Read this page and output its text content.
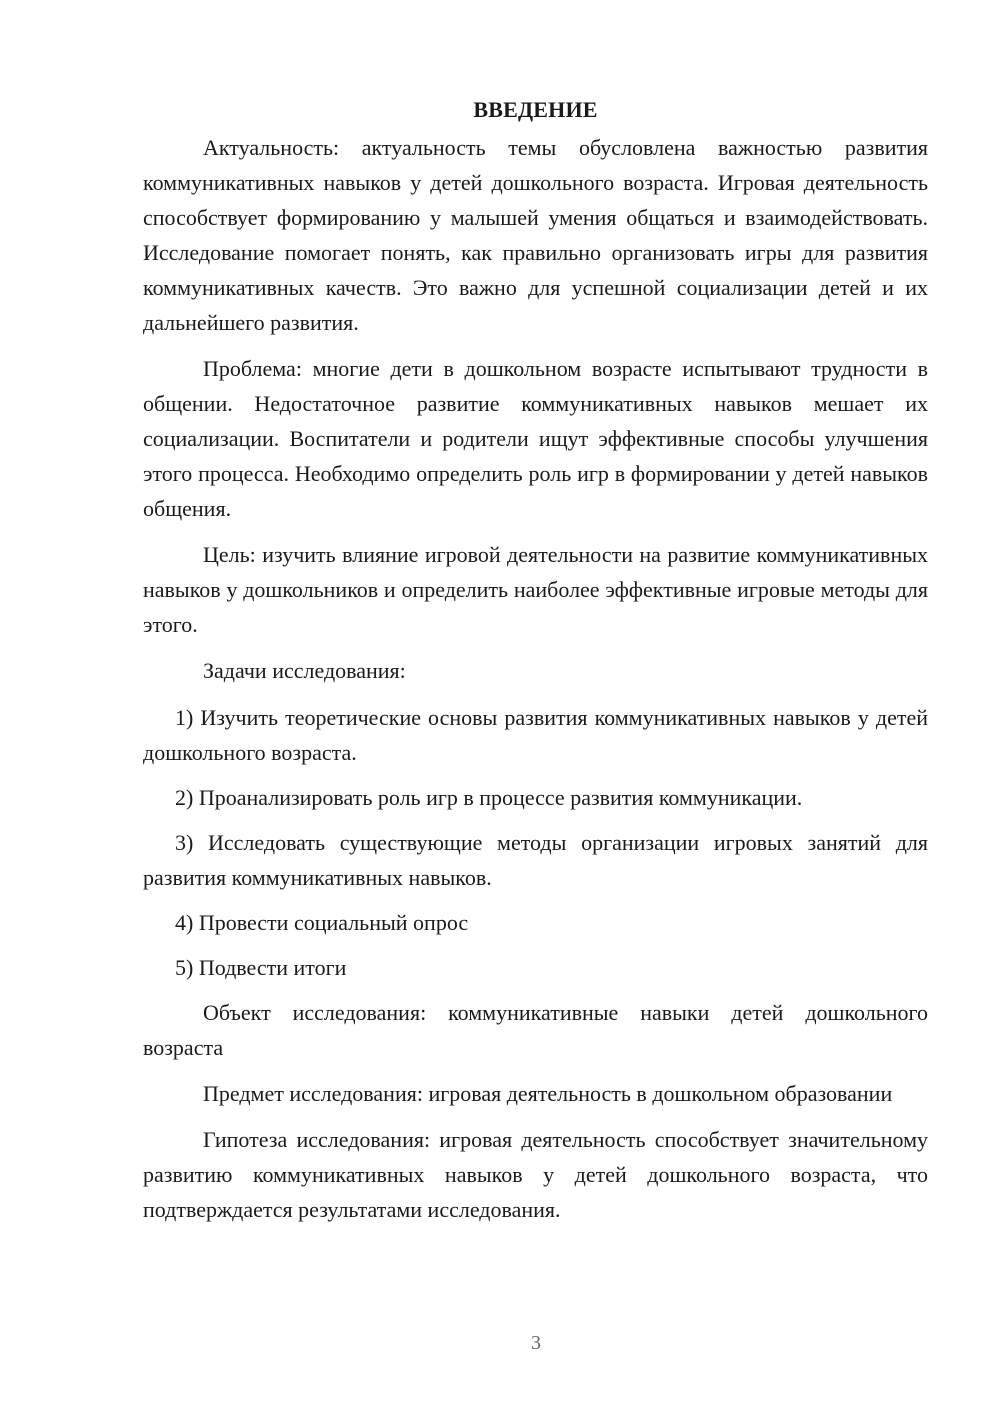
ВВЕДЕНИЕ

Актуальность: актуальность темы обусловлена важностью развития коммуникативных навыков у детей дошкольного возраста. Игровая деятельность способствует формированию у малышей умения общаться и взаимодействовать. Исследование помогает понять, как правильно организовать игры для развития коммуникативных качеств. Это важно для успешной социализации детей и их дальнейшего развития.

Проблема: многие дети в дошкольном возрасте испытывают трудности в общении. Недостаточное развитие коммуникативных навыков мешает их социализации. Воспитатели и родители ищут эффективные способы улучшения этого процесса. Необходимо определить роль игр в формировании у детей навыков общения.

Цель: изучить влияние игровой деятельности на развитие коммуникативных навыков у дошкольников и определить наиболее эффективные игровые методы для этого.

Задачи исследования:

1) Изучить теоретические основы развития коммуникативных навыков у детей дошкольного возраста.

2) Проанализировать роль игр в процессе развития коммуникации.

3) Исследовать существующие методы организации игровых занятий для развития коммуникативных навыков.

4) Провести социальный опрос

5) Подвести итоги

Объект исследования: коммуникативные навыки детей дошкольного возраста

Предмет исследования: игровая деятельность в дошкольном образовании

Гипотеза исследования: игровая деятельность способствует значительному развитию коммуникативных навыков у детей дошкольного возраста, что подтверждается результатами исследования.

3
